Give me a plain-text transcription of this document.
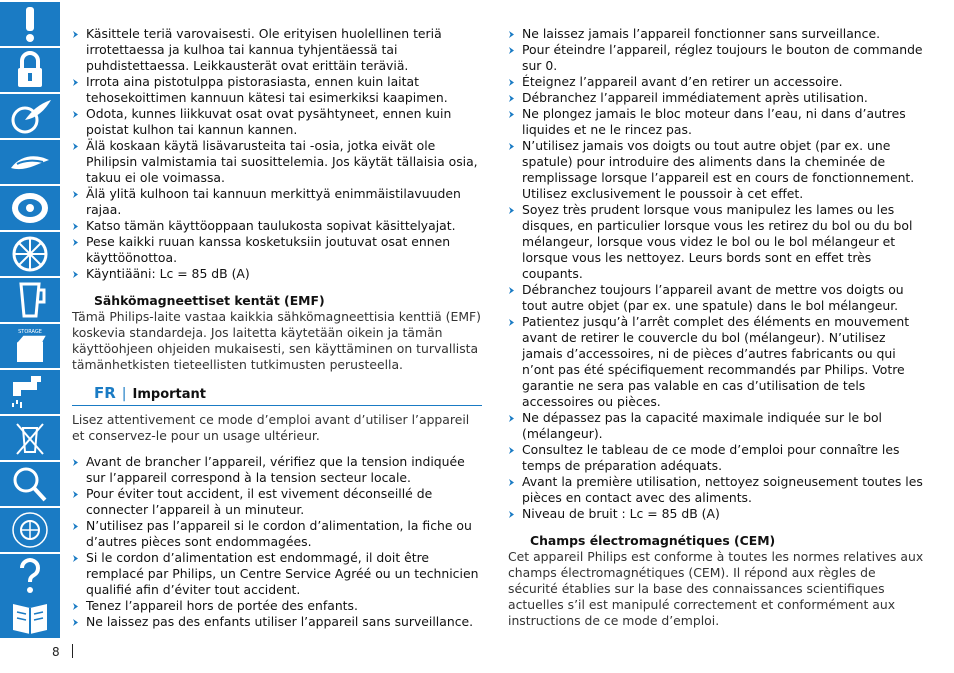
STORAGE
8
Käsittele teriä varovaisesti. Ole erityisen huolellinen teriä irrotettaessa ja kulhoa tai kannua tyhjentäessä tai puhdistettaessa. Leikkausterät ovat erittäin teräviä.
Irrota aina pistotulppa pistorasiasta, ennen kuin laitat tehosekoittimen kannuun kätesi tai esimerkiksi kaapimen.
Odota, kunnes liikkuvat osat ovat pysähtyneet, ennen kuin poistat kulhon tai kannun kannen.
Älä koskaan käytä lisävarusteita tai -osia, jotka eivät ole Philipsin valmistamia tai suosittelemia. Jos käytät tällaisia osia, takuu ei ole voimassa.
Älä ylitä kulhoon tai kannuun merkittyä enimmäistilavuuden rajaa.
Katso tämän käyttöoppaan taulukosta sopivat käsittelyajat.
Pese kaikki ruuan kanssa kosketuksiin joutuvat osat ennen käyttöönottoa.
Käyntiääni: Lc = 85 dB (A)
Sähkömagneettiset kentät (EMF)
Tämä Philips-laite vastaa kaikkia sähkömagneettisia kenttiä (EMF) koskevia standardeja. Jos laitetta käytetään oikein ja tämän käyttöohjeen ohjeiden mukaisesti, sen käyttäminen on turvallista tämänhetkisten tieteellisten tutkimusten perusteella.
FR | Important
Lisez attentivement ce mode d’emploi avant d’utiliser l’appareil et conservez-le pour un usage ultérieur.
Avant de brancher l’appareil, vérifiez que la tension indiquée sur l’appareil correspond à la tension secteur locale.
Pour éviter tout accident, il est vivement déconseillé de connecter l’appareil à un minuteur.
N’utilisez pas l’appareil si le cordon d’alimentation, la fiche ou d’autres pièces sont endommagées.
Si le cordon d’alimentation est endommagé, il doit être remplacé par Philips, un Centre Service Agréé ou un technicien qualifié afin d’éviter tout accident.
Tenez l’appareil hors de portée des enfants.
Ne laissez pas des enfants utiliser l’appareil sans surveillance.
Ne laissez jamais l’appareil fonctionner sans surveillance.
Pour éteindre l’appareil, réglez toujours le bouton de commande sur 0.
Éteignez l’appareil avant d’en retirer un accessoire.
Débranchez l’appareil immédiatement après utilisation.
Ne plongez jamais le bloc moteur dans l’eau, ni dans d’autres liquides et ne le rincez pas.
N’utilisez jamais vos doigts ou tout autre objet (par ex. une spatule) pour introduire des aliments dans la cheminée de remplissage lorsque l’appareil est en cours de fonctionnement. Utilisez exclusivement le poussoir à cet effet.
Soyez très prudent lorsque vous manipulez les lames ou les disques, en particulier lorsque vous les retirez du bol ou du bol mélangeur, lorsque vous videz le bol ou le bol mélangeur et lorsque vous les nettoyez. Leurs bords sont en effet très coupants.
Débranchez toujours l’appareil avant de mettre vos doigts ou tout autre objet (par ex. une spatule) dans le bol mélangeur.
Patientez jusqu’à l’arrêt complet des éléments en mouvement avant de retirer le couvercle du bol (mélangeur). N’utilisez jamais d’accessoires, ni de pièces d’autres fabricants ou qui n’ont pas été spécifiquement recommandés par Philips. Votre garantie ne sera pas valable en cas d’utilisation de tels accessoires ou pièces.
Ne dépassez pas la capacité maximale indiquée sur le bol (mélangeur).
Consultez le tableau de ce mode d’emploi pour connaître les temps de préparation adéquats.
Avant la première utilisation, nettoyez soigneusement toutes les pièces en contact avec des aliments.
Niveau de bruit : Lc = 85 dB (A)
Champs électromagnétiques (CEM)
Cet appareil Philips est conforme à toutes les normes relatives aux champs électromagnétiques (CEM). Il répond aux règles de sécurité établies sur la base des connaissances scientifiques actuelles s’il est manipulé correctement et conformément aux instructions de ce mode d’emploi.
